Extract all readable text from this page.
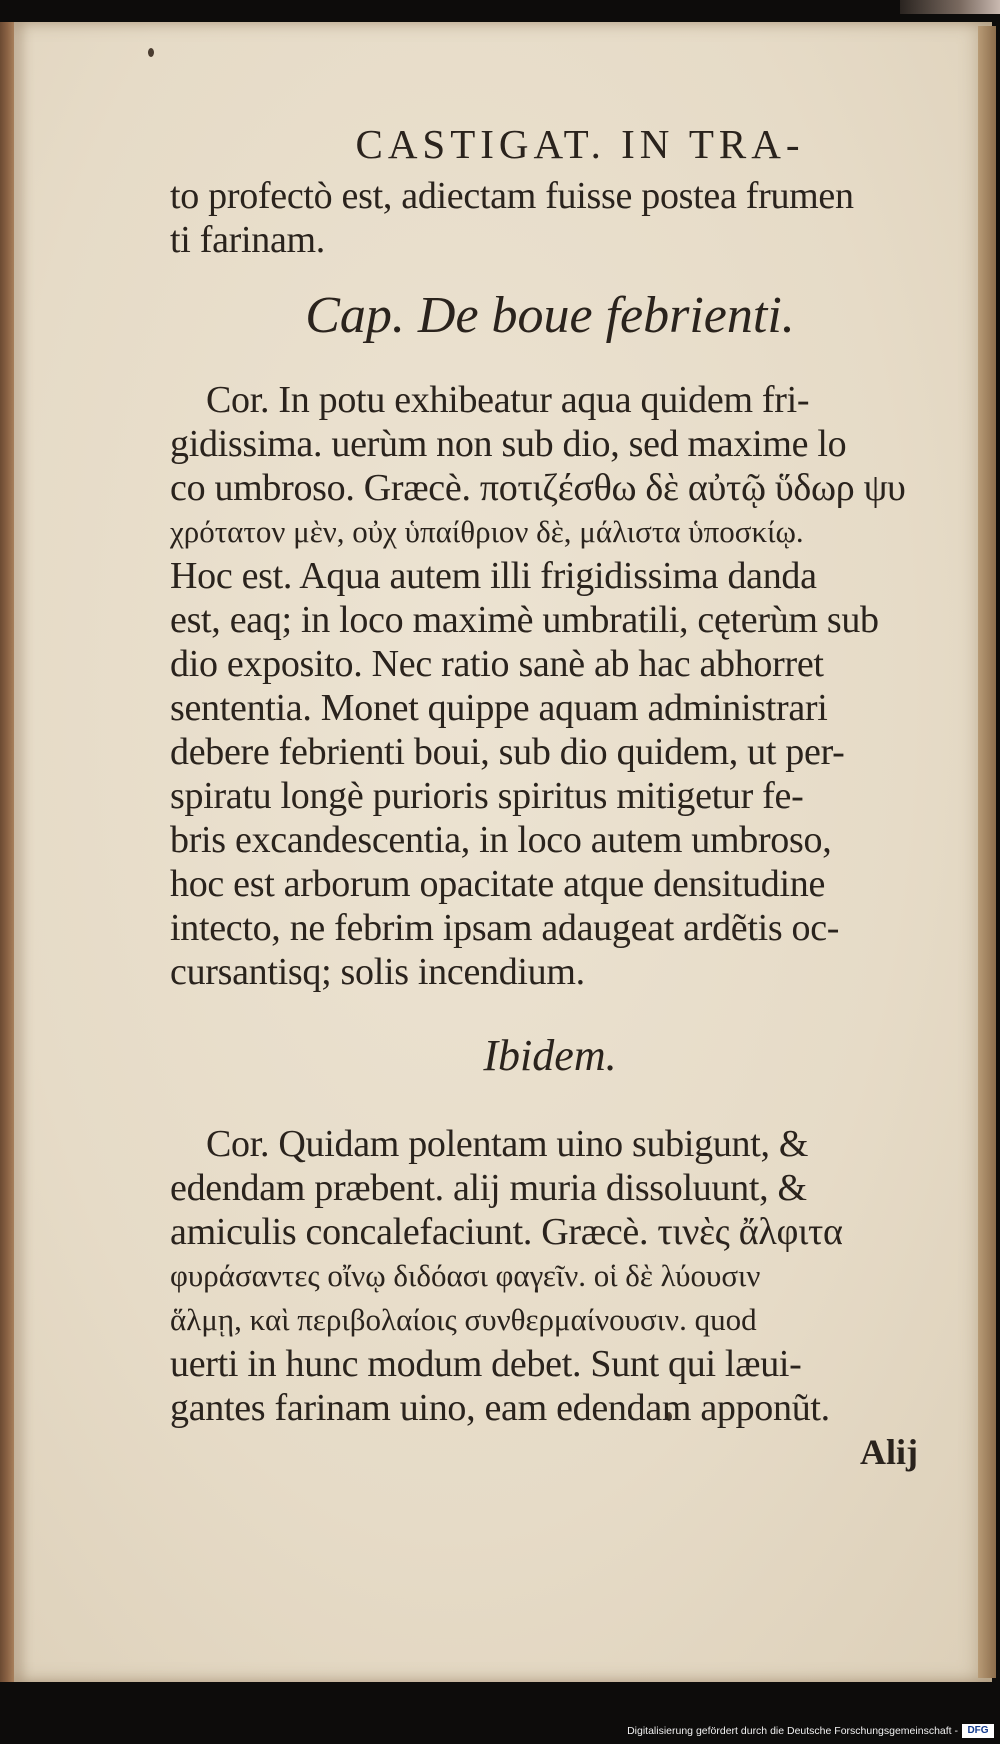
CASTIGAT. IN TRA-
to profectò est, adiectam fuisse postea frumen
ti farinam.
Cap. De boue febrienti.
Cor. In potu exhibeatur aqua quidem fri-
gidissima. uerùm non sub dio, sed maxime lo
co umbroso. Græcè. ποτιζέσθω δὲ αὐτῷ ὕδωρ ψυ
χρότατον μὲν, οὐχ ὑπαίθριον δὲ, μάλιστα ὑποσκίῳ.
Hoc est. Aqua autem illi frigidissima danda
est, eaq; in loco maximè umbratili, cęterùm sub
dio exposito. Nec ratio sanè ab hac abhorret
sententia. Monet quippe aquam administrari
debere febrienti boui, sub dio quidem, ut per-
spiratu longè purioris spiritus mitigetur fe-
bris excandescentia, in loco autem umbroso,
hoc est arborum opacitate atque densitudine
intecto, ne febrim ipsam adaugeat ardẽtis oc-
cursantisq; solis incendium.
Ibidem.
Cor. Quidam polentam uino subigunt, &
edendam præbent. alij muria dissoluunt, &
amiculis concalefaciunt. Græcè. τινὲς ἄλφιτα
φυράσαντες οἴνῳ διδόασι φαγεῖν. οἱ δὲ λύουσιν
ἅλμῃ, καὶ περιβολαίοις συνθερμαίνουσιν. quod
uerti in hunc modum debet. Sunt qui læui-
gantes farinam uino, eam edendam apponũt.
Alij
Digitalisierung gefördert durch die Deutsche Forschungsgemeinschaft - DFG
